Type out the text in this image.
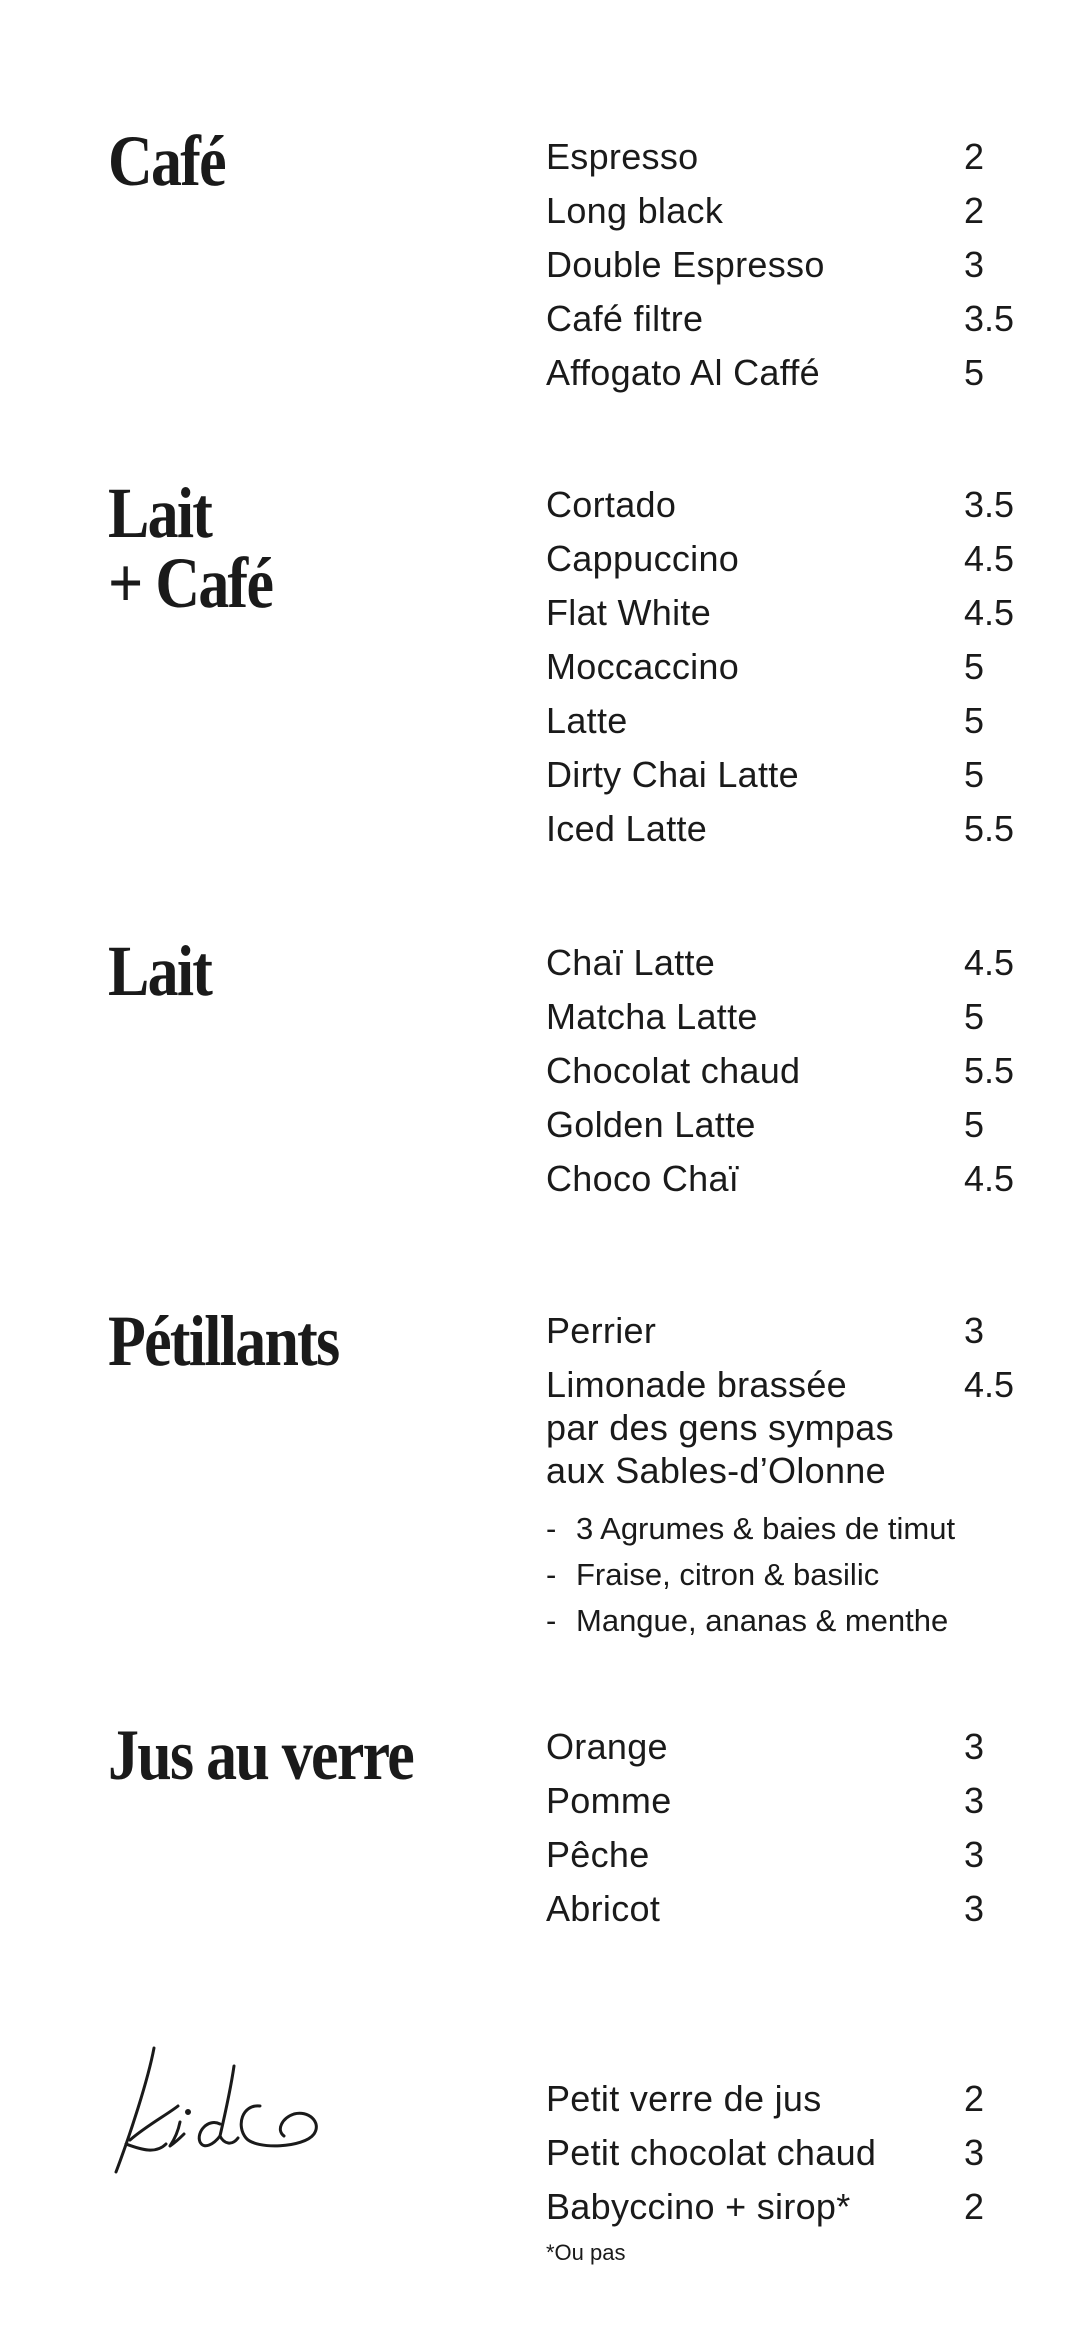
Café	Espresso	2
Long black	2
Double Espresso	3
Café filtre	3.5
Affogato Al Caffé	5
Lait
+ Café
Cortado	3.5
Cappuccino	4.5
Flat White	4.5
Moccaccino	5
Latte	5
Dirty Chai Latte	5
Iced Latte	5.5
Lait	Chaï Latte	4.5
Matcha Latte	5
Chocolat chaud	5.5
Golden Latte	5
Choco Chaï	4.5
Pétillants	Perrier	3
Limonade brassée
par des gens sympas
aux Sables-d’Olonne
4.5
- 3 Agrumes & baies de timut
- Fraise, citron & basilic
- Mangue, ananas & menthe
Jus au verre	Orange	3
Pomme	3
Pêche	3
Abricot	3
Petit verre de jus	2
Petit chocolat chaud 3
Babyccino + sirop*	2
*Ou pas
